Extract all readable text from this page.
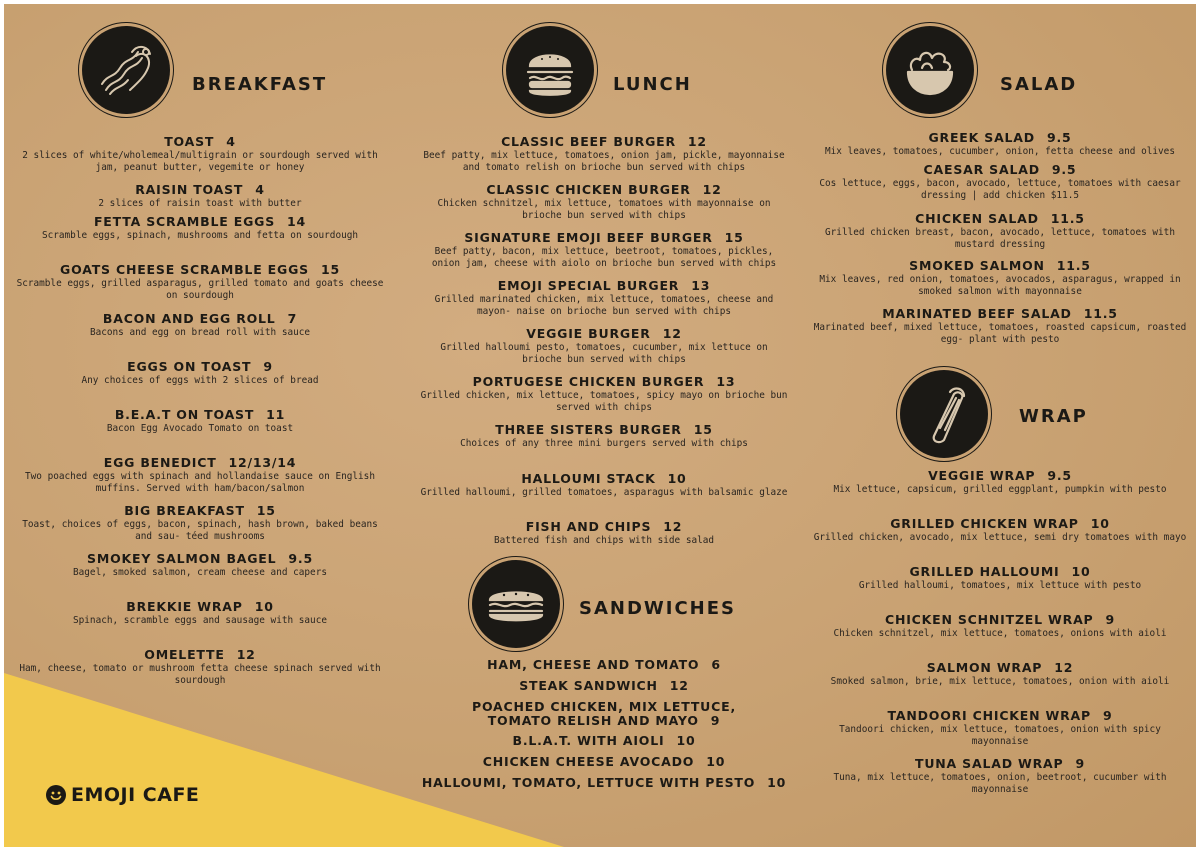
BREAKFAST
TOAST 4
2 slices of white/wholemeal/multigrain or sourdough served with jam, peanut butter, vegemite or honey
RAISIN TOAST 4
2 slices of raisin toast with butter
FETTA SCRAMBLE EGGS 14
Scramble eggs, spinach, mushrooms and fetta on sourdough
GOATS CHEESE SCRAMBLE EGGS 15
Scramble eggs, grilled asparagus, grilled tomato and goats cheese on sourdough
BACON AND EGG ROLL 7
Bacons and egg on bread roll with sauce
EGGS ON TOAST 9
Any choices of eggs with 2 slices of bread
B.E.A.T ON TOAST 11
Bacon Egg Avocado Tomato on toast
EGG BENEDICT 12/13/14
Two poached eggs with spinach and hollandaise sauce on English muffins. Served with ham/bacon/salmon
BIG BREAKFAST 15
Toast, choices of eggs, bacon, spinach, hash brown, baked beans and sau- téed mushrooms
SMOKEY SALMON BAGEL 9.5
Bagel, smoked salmon, cream cheese and capers
BREKKIE WRAP 10
Spinach, scramble eggs and sausage with sauce
OMELETTE 12
Ham, cheese, tomato or mushroom fetta cheese spinach served with sourdough
LUNCH
CLASSIC BEEF BURGER 12
Beef patty, mix lettuce, tomatoes, onion jam, pickle, mayonnaise and tomato relish on brioche bun served with chips
CLASSIC CHICKEN BURGER 12
Chicken schnitzel, mix lettuce, tomatoes with mayonnaise on brioche bun served with chips
SIGNATURE EMOJI BEEF BURGER 15
Beef patty, bacon, mix lettuce, beetroot, tomatoes, pickles, onion jam, cheese with aiolo on brioche bun served with chips
EMOJI SPECIAL BURGER 13
Grilled marinated chicken, mix lettuce, tomatoes, cheese and mayon- naise on brioche bun served with chips
VEGGIE BURGER 12
Grilled halloumi pesto, tomatoes, cucumber, mix lettuce on brioche bun served with chips
PORTUGESE CHICKEN BURGER 13
Grilled chicken, mix lettuce, tomatoes, spicy mayo on brioche bun served with chips
THREE SISTERS BURGER 15
Choices of any three mini burgers served with chips
HALLOUMI STACK 10
Grilled halloumi, grilled tomatoes, asparagus with balsamic glaze
FISH AND CHIPS 12
Battered fish and chips with side salad
SANDWICHES
HAM, CHEESE AND TOMATO 6
STEAK SANDWICH 12
POACHED CHICKEN, MIX LETTUCE,
TOMATO RELISH AND MAYO 9
B.L.A.T. WITH AIOLI 10
CHICKEN CHEESE AVOCADO 10
HALLOUMI, TOMATO, LETTUCE WITH PESTO 10
SALAD
GREEK SALAD 9.5
Mix leaves, tomatoes, cucumber, onion, fetta cheese and olives
CAESAR SALAD 9.5
Cos lettuce, eggs, bacon, avocado, lettuce, tomatoes with caesar dressing | add chicken $11.5
CHICKEN SALAD 11.5
Grilled chicken breast, bacon, avocado, lettuce, tomatoes with mustard dressing
SMOKED SALMON 11.5
Mix leaves, red onion, tomatoes, avocados, asparagus, wrapped in smoked salmon with mayonnaise
MARINATED BEEF SALAD 11.5
Marinated beef, mixed lettuce, tomatoes, roasted capsicum, roasted egg- plant with pesto
WRAP
VEGGIE WRAP 9.5
Mix lettuce, capsicum, grilled eggplant, pumpkin with pesto
GRILLED CHICKEN WRAP 10
Grilled chicken, avocado, mix lettuce, semi dry tomatoes with mayo
GRILLED HALLOUMI 10
Grilled halloumi, tomatoes, mix lettuce with pesto
CHICKEN SCHNITZEL WRAP 9
Chicken schnitzel, mix lettuce, tomatoes, onions with aioli
SALMON WRAP 12
Smoked salmon, brie, mix lettuce, tomatoes, onion with aioli
TANDOORI CHICKEN WRAP 9
Tandoori chicken, mix lettuce, tomatoes, onion with spicy mayonnaise
TUNA SALAD WRAP 9
Tuna, mix lettuce, tomatoes, onion, beetroot, cucumber with mayonnaise
EMOJI CAFE
